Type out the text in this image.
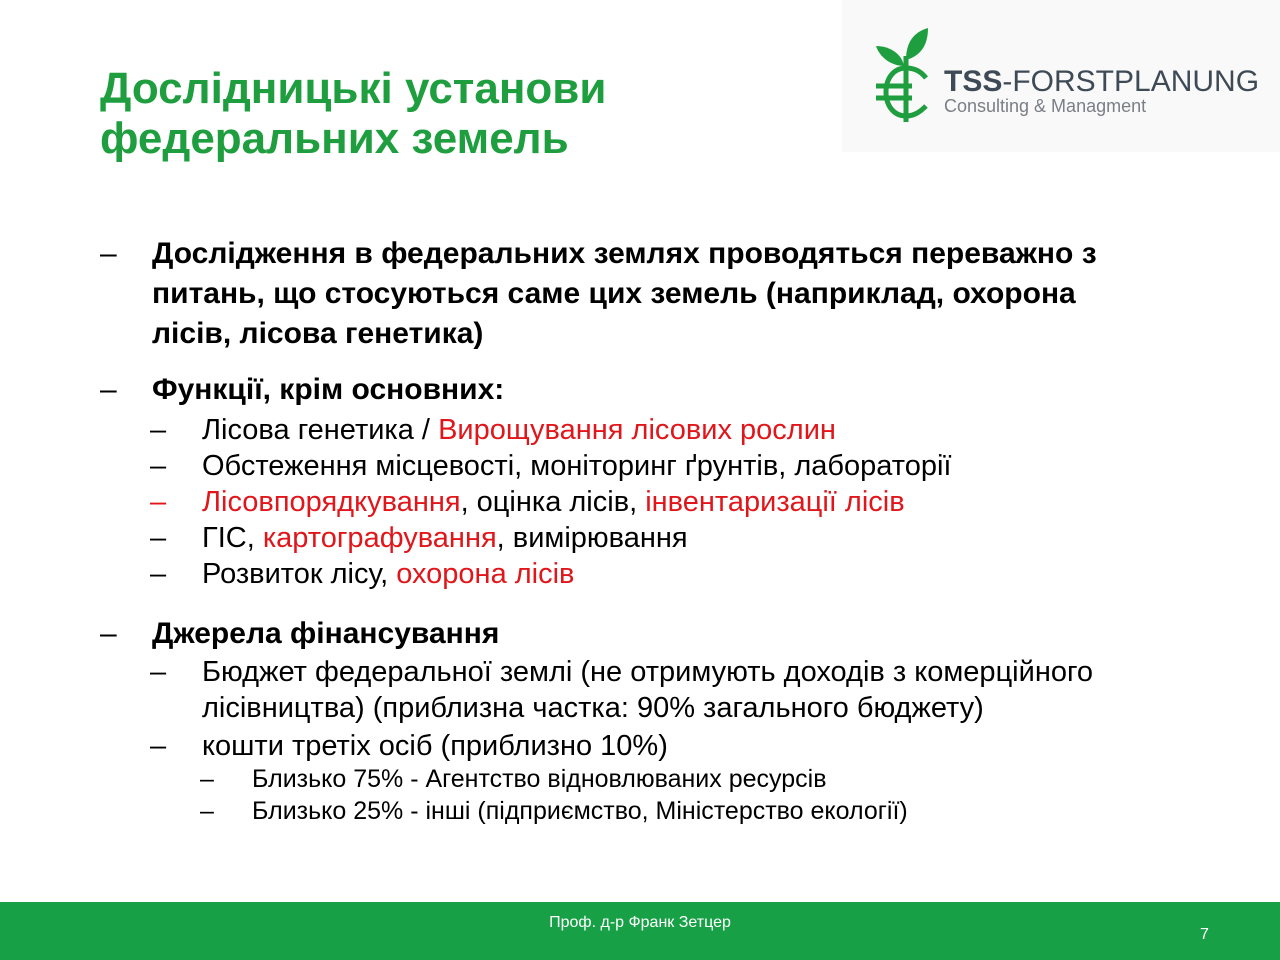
Дослідницькі установи
федеральних земель
TSS-FORSTPLANUNG
Consulting & Managment
– Дослідження в федеральних землях проводяться переважно з
питань, що стосуються саме цих земель (наприклад, охорона
лісів, лісова генетика)
– Функції, крім основних:
– Лісова генетика / Вирощування лісових рослин
– Обстеження місцевості, моніторинг ґрунтів, лабораторії
– Лісовпорядкування, оцінка лісів, інвентаризації лісів
– ГІС, картографування, вимірювання
– Розвиток лісу, охорона лісів
– Джерела фінансування
– Бюджет федеральної землі (не отримують доходів з комерційного
лісівництва) (приблизна частка: 90% загального бюджету)
– кошти третіх осіб (приблизно 10%)
– Близько 75% - Агентство відновлюваних ресурсів
– Близько 25% - інші (підприємство, Міністерство екології)
Проф. д-р Франк Зетцер
7
